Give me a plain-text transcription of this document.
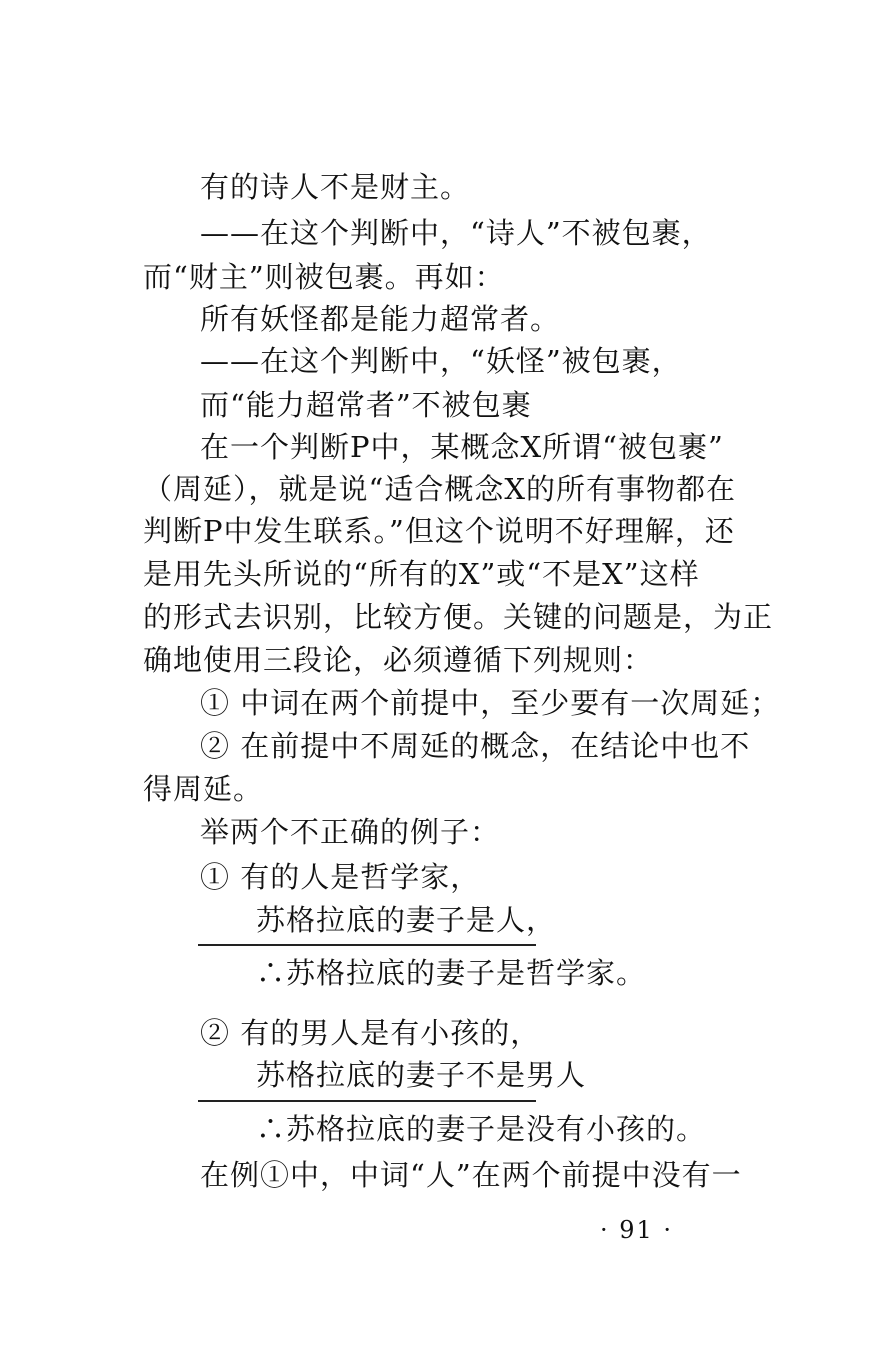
有的诗人不是财主。
——在这个判断中，“诗人”不被包裹，
而“财主”则被包裹。再如：
所有妖怪都是能力超常者。
——在这个判断中，“妖怪”被包裹，
而“能力超常者”不被包裹
在一个判断P中，某概念X所谓“被包裹”
（周延），就是说“适合概念X的所有事物都在
判断P中发生联系。”但这个说明不好理解，还
是用先头所说的“所有的X”或“不是X”这样
的形式去识别，比较方便。关键的问题是，为正
确地使用三段论，必须遵循下列规则：
① 中词在两个前提中，至少要有一次周延；
② 在前提中不周延的概念，在结论中也不
得周延。
举两个不正确的例子：
① 有的人是哲学家，
苏格拉底的妻子是人，
∴苏格拉底的妻子是哲学家。
② 有的男人是有小孩的，
苏格拉底的妻子不是男人
∴苏格拉底的妻子是没有小孩的。
在例①中，中词“人”在两个前提中没有一
· 91 ·
